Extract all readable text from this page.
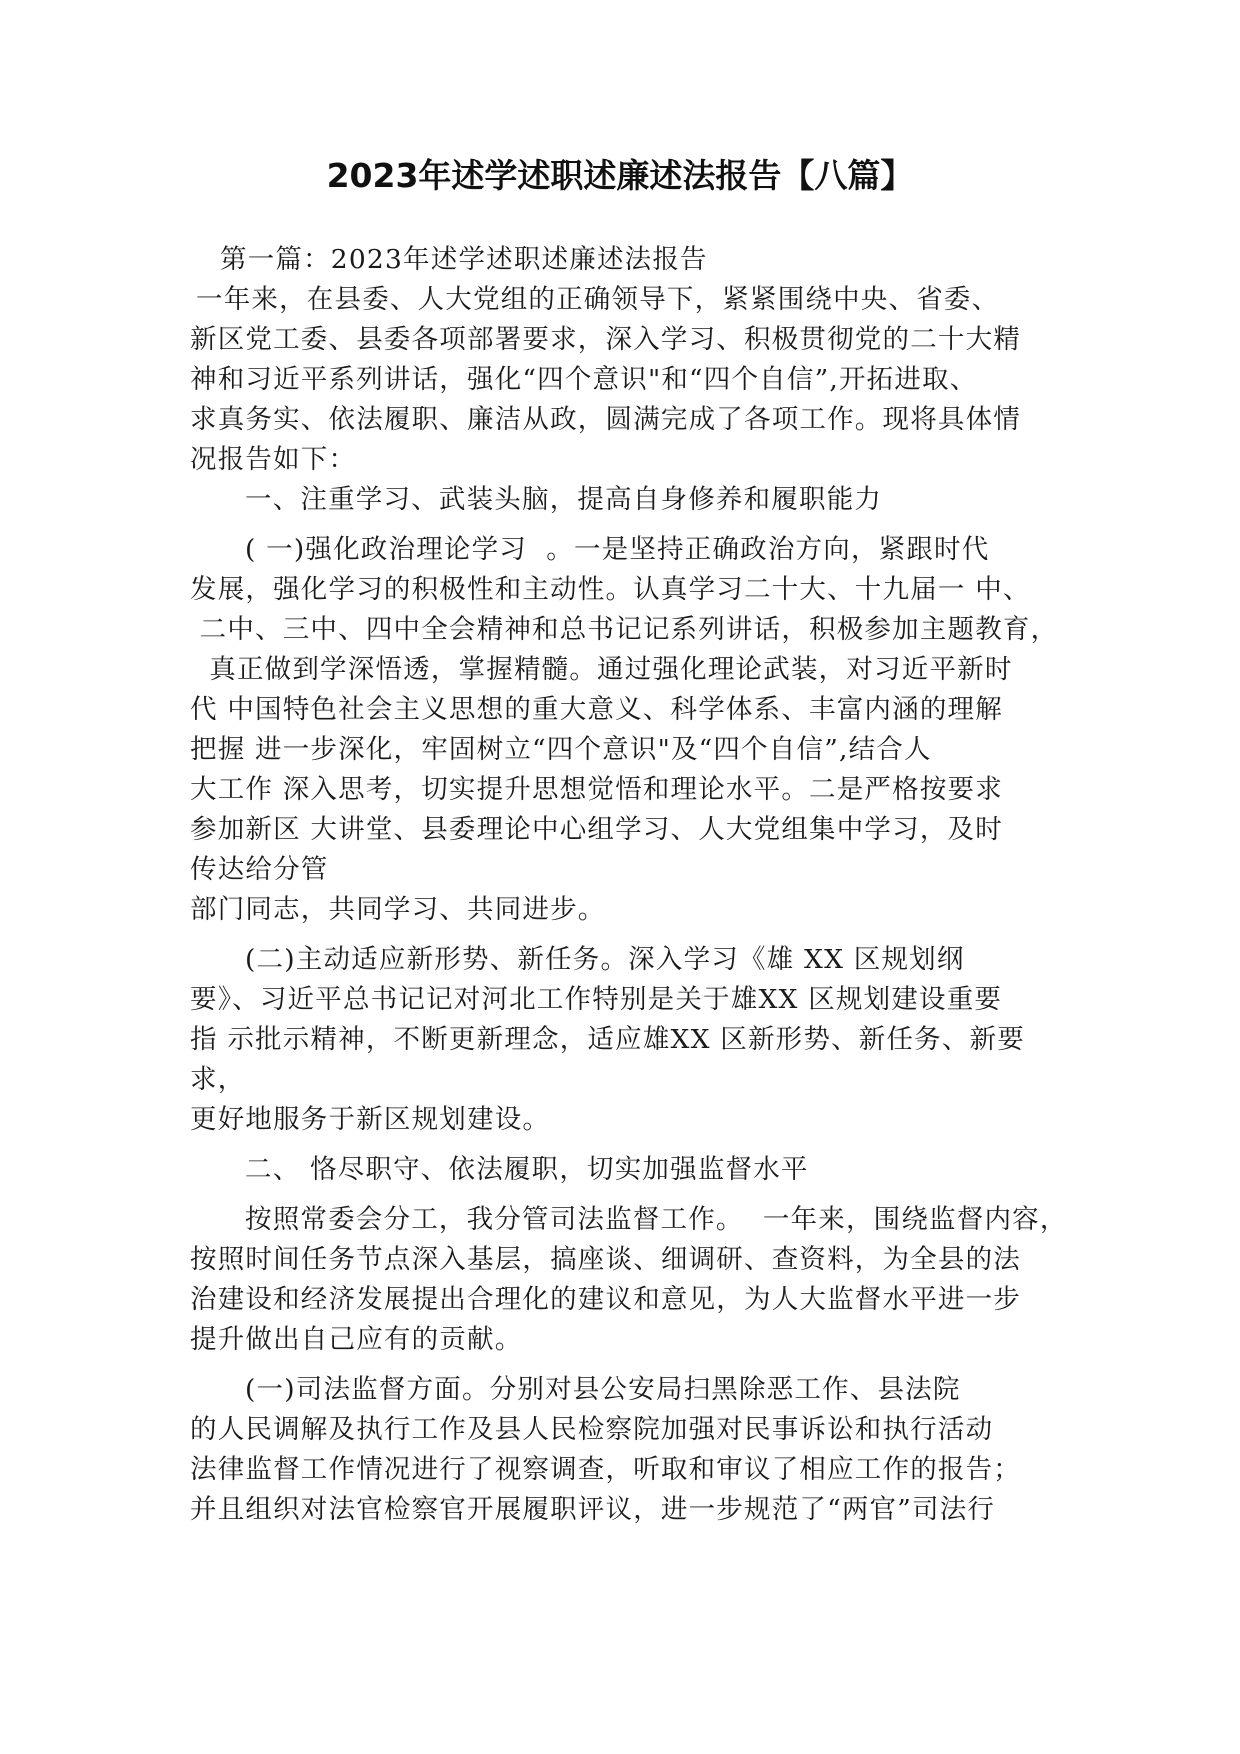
2023年述学述职述廉述法报告【八篇】
第一篇：2023年述学述职述廉述法报告
一年来，在县委、人大党组的正确领导下，紧紧围绕中央、省委、
新区党工委、县委各项部署要求，深入学习、积极贯彻党的二十大精
神和习近平系列讲话，强化“四个意识"和“四个自信”,开拓进取、
求真务实、依法履职、廉洁从政，圆满完成了各项工作。现将具体情
况报告如下：
一、注重学习、武装头脑，提高自身修养和履职能力
( 一)强化政治理论学习  。一是坚持正确政治方向，紧跟时代
发展，强化学习的积极性和主动性。认真学习二十大、十九届一 中、
二中、三中、四中全会精神和总书记记系列讲话，积极参加主题教育，
真正做到学深悟透，掌握精髓。通过强化理论武装，对习近平新时
代 中国特色社会主义思想的重大意义、科学体系、丰富内涵的理解
把握 进一步深化，牢固树立“四个意识"及“四个自信”,结合人
大工作 深入思考，切实提升思想觉悟和理论水平。二是严格按要求
参加新区 大讲堂、县委理论中心组学习、人大党组集中学习，及时
传达给分管
部门同志，共同学习、共同进步。
(二)主动适应新形势、新任务。深入学习《雄 XX 区规划纲
要》、习近平总书记记对河北工作特别是关于雄XX 区规划建设重要
指 示批示精神，不断更新理念，适应雄XX 区新形势、新任务、新要
求，
更好地服务于新区规划建设。
二、 恪尽职守、依法履职，切实加强监督水平
按照常委会分工，我分管司法监督工作。  一年来，围绕监督内容，
按照时间任务节点深入基层，搞座谈、细调研、查资料，为全县的法
治建设和经济发展提出合理化的建议和意见，为人大监督水平进一步
提升做出自己应有的贡献。
(一)司法监督方面。分别对县公安局扫黑除恶工作、县法院
的人民调解及执行工作及县人民检察院加强对民事诉讼和执行活动
法律监督工作情况进行了视察调查，听取和审议了相应工作的报告；
并且组织对法官检察官开展履职评议，进一步规范了“两官”司法行
